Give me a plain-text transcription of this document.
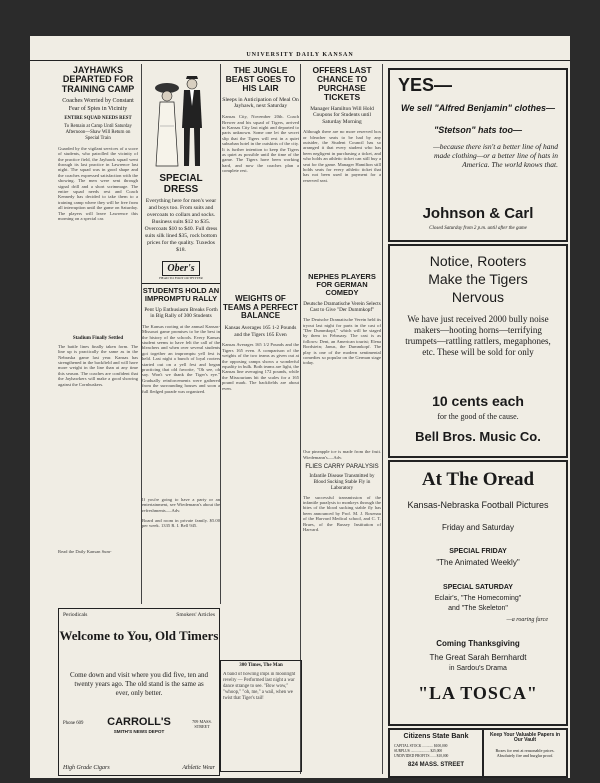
UNIVERSITY DAILY KANSAN
JAYHAWKS DEPARTED FOR TRAINING CAMP
Coaches Worried by Constant Fear of Spies in Vicinity
ENTIRE SQUAD NEEDS REST
To Remain at Camp Until Saturday Afternoon—Shaw Will Return on Special Train
Guarded by the vigilant services of a score of students, who patrolled the vicinity of the practice field, the Jayhawk squad went through its last practice in Lawrence last night. The squad was in good shape and the coaches expressed satisfaction with the showing. The men were sent through signal drill and a short scrimmage. The entire squad needs rest and Coach Kennedy has decided to take them to a training camp where they will be free from all interruption until the game on Saturday. The players will leave Lawrence this morning on a special car.
Stadium Finally Settled
The battle lines finally taken form. The line up is practically the same as in the Nebraska game last year. Kansas has strengthened in the backfield and will have more weight in the line than at any time this season. The coaches are confident that the Jayhawkers will make a good showing against the Cornhuskers.
Read the Daily Kansan Sum-
SPECIAL DRESS
Everything here for men's wear and boys too. From suits and overcoats to collars and socks. Business suits $12 to $35. Overcoats $10 to $40. Full dress suits silk lined $35, rock bottom prices for the quality. Tuxedos $18.
Ober's
HEAD TO FOOT OUTFITTER
STUDENTS HOLD AN IMPROMPTU RALLY
Pent Up Enthusiasm Breaks Forth in Big Rally of 300 Students
The Kansas rooting at the annual Kansas-Missouri game promises to be the best in the history of the schools. Every Kansas student seems to have felt the call of the bleachers and when over several students got together an impromptu yell fest is held. Last night a bunch of loyal rooters started out on a yell fest and began practicing that old favorite, "Oh see, oh say. Won't we thank the Tiger's eye." Gradually reinforcements were gathered from the surrounding houses and soon a full fledged parade was organized.
If you're going to have a party or an entertainment, see Wiedemann's about the refreshments.—Adv.
Board and room in private family. $5.00 per week. 1335 R. I. Bell 945.
THE JUNGLE BEAST GOES TO HIS LAIR
Sleeps in Anticipation of Meal On Jayhawk, next Saturday
Kansas City, November 20th. Coach Brewer and his squad of Tigers, arrived in Kansas City last night and departed to parts unknown. Some one let the secret slip that the Tigers will rest in a quiet suburban hotel in the outskirts of the city. It is further intention to keep the Tigers as quiet as possible until the time of the game. The Tigers have been working hard, and now the coaches plan a complete rest.
WEIGHTS OF TEAMS A PERFECT BALANCE
Kansas Averages 165 1-2 Pounds and the Tigers 165 Even
Kansas Averages 165 1/2 Pounds and the Tigers 165 even. A comparison of the weights of the two teams as given out at the opposing camps shows a wonderful equality in bulk. Both teams are light, the Kansas line averaging 172 pounds, while the Missourians hit the scales for a 165 pound mark. The backfields are about even.
OFFERS LAST CHANCE TO PURCHASE TICKETS
Manager Hamilton Will Hold Coupons for Students until Saturday Morning
Although there are no more reserved box or bleacher seats to be had by any outsider, the Student Council has so arranged it that every student who has been negligent in purchasing a ticket, and who holds an athletic ticket can still buy a seat for the game. Manager Hamilton still holds seats for every athletic ticket that has not been used in payment for a reserved seat.
NEPHES PLAYERS FOR GERMAN COMEDY
Deutsche Dramatische Verein Selects Cast to Give "Der Dummkopf"
The Deutsche Dramatische Verein held its tryout last night for parts in the cast of "Der Dummkopf," which will be staged by them in February. The cast is as follows: Dent, an American tourist; Elena Bordstein; Janus, the Dummkopf. The play is one of the modern sentimental comedies so popular on the German stage today.
Our pineapple ice is made from the fruit. Wiedemann's.—Adv.
FLIES CARRY PARALYSIS
Infantile Disease Transmitted by Blood Sucking Stable Fly in Laboratory
The successful transmission of the infantile paralysis to monkeys through the bites of the blood sucking stable fly has been announced by Prof. M. J. Rosenau of the Harvard Medical school, and C. T. Brues, of the Bussey Institution of Harvard.
300 Times, The Man
A band of howling imps in moonlight revelry — Performed last night a war dance strange to see. "Bow wow," "whoop," "oh, me," a wail, when we twist that Tiger's tail!
Periodicals	Smokers' Articles
Welcome to You, Old Timers
Come down and visit where you did five, ten and twenty years ago. The old stand is the same as ever, only better.
Phone 609	CARROLL'S
SMITH'S NEWS DEPOT
709 MASS. STREET
High Grade Cigars	Athletic Wear
YES—
We sell "Alfred Benjamin" clothes—
"Stetson" hats too—
—because there isn't a better line of hand made clothing—or a better line of hats in America. The world knows that.
Johnson & Carl
Closed Saturday from 2 p.m. until after the game
Notice, Rooters
Make the Tigers
Nervous
We have just received 2000 bully noise makers—hooting horns—terrifying trumpets—rattling rattlers, megaphones, etc. These will be sold for only
10 cents each
for the good of the cause.
Bell Bros. Music Co.
At The Oread
Kansas-Nebraska Football Pictures
Friday and Saturday
SPECIAL FRIDAY
"The Animated Weekly"
SPECIAL SATURDAY
Eclair's, "The Homecoming"
and "The Skeleton"
—a roaring farce
Coming Thanksgiving
The Great Sarah Bernhardt
in Sardou's Drama
"LA TOSCA"
Citizens State Bank
CAPITAL STOCK ............ $100,000
SURPLUS ..................... $25,000
UNDIVIDED PROFITS ...... $10,000
824 MASS. STREET
Keep Your Valuable Papers in Our Vault
Boxes for rent at reasonable prices. Absolutely fire and burglar proof.
